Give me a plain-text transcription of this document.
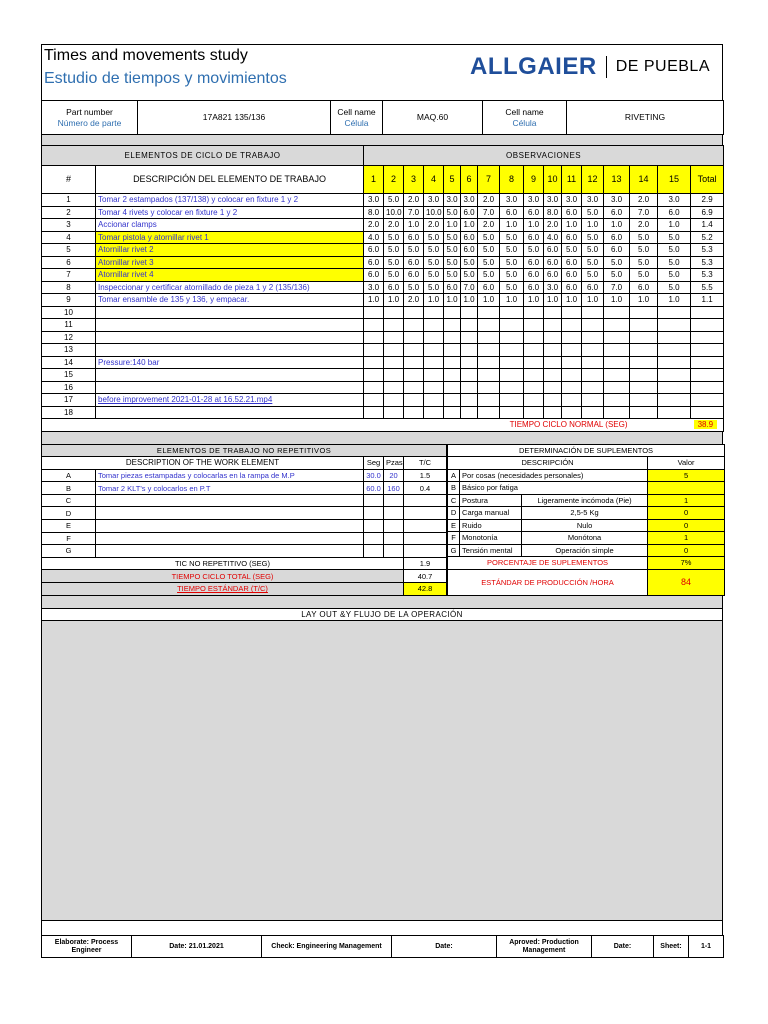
Times and movements study
Estudio de tiempos y movimientos	ALLGAIER DE PUEBLA
Part number
Número de parte
	17A821 135/136	
Cell name
Célula
	MAQ.60	
Cell name
Célula
	RIVETING
ELEMENTOS DE CICLO DE TRABAJO		OBSERVACIONES															
#	DESCRIPCIÓN DEL ELEMENTO DE TRABAJO	1	2	3	4	5	6	7	8	9	10	11	12	13	14	15	Total
1	Tomar 2 estampados (137/138) y colocar en fixture 1 y 2	3.0	5.0	2.0	3.0	3.0	3.0	2.0	3.0	3.0	3.0	3.0	3.0	3.0	2.0	3.0	2.9
2	Tomar 4 rivets y colocar en fixture 1 y 2	8.0	10.0	7.0	10.0	5.0	6.0	7.0	6.0	6.0	8.0	6.0	5.0	6.0	7.0	6.0	6.9
3	Accionar clamps	2.0	2.0	1.0	2.0	1.0	1.0	2.0	1.0	1.0	2.0	1.0	1.0	1.0	2.0	1.0	1.4
4	Tomar pistola y atornillar rivet 1	4.0	5.0	6.0	5.0	5.0	6.0	5.0	5.0	6.0	4.0	6.0	5.0	6.0	5.0	5.0	5.2
5	Atornillar rivet 2	6.0	5.0	5.0	5.0	5.0	6.0	5.0	5.0	5.0	6.0	5.0	5.0	6.0	5.0	5.0	5.3
6	Atornillar rivet 3	6.0	5.0	6.0	5.0	5.0	5.0	5.0	5.0	6.0	6.0	6.0	5.0	5.0	5.0	5.0	5.3
7	Atornillar rivet 4	6.0	5.0	6.0	5.0	5.0	5.0	5.0	5.0	6.0	6.0	6.0	5.0	5.0	5.0	5.0	5.3
8	Inspeccionar y certificar atornillado de pieza 1 y 2 (135/136)	3.0	6.0	5.0	5.0	6.0	7.0	6.0	5.0	6.0	3.0	6.0	6.0	7.0	6.0	5.0	5.5
9	Tomar ensamble de 135 y 136, y empacar.	1.0	1.0	2.0	1.0	1.0	1.0	1.0	1.0	1.0	1.0	1.0	1.0	1.0	1.0	1.0	1.1
10																	
11																	
12																	
13																	
14	Pressure:140 bar																
15																	
16																	
17	before improvement 2021-01-28 at 16.52.21.mp4																
18																	
TIEMPO CICLO NORMAL (SEG)															38.9		
ELEMENTOS DE TRABAJO NO REPETITIVOS				
DESCRIPTION OF THE WORK ELEMENT		Seg	Pzas	T/C
A	Tomar piezas estampadas y colocarlas en la rampa de M.P	30.0	20	1.5
B	Tomar 2 KLT's y colocarlos en P.T	60.0	160	0.4
C				
D				
E				
F				
G				
TIC NO REPETITIVO (SEG)				1.9
TIEMPO CICLO TOTAL (SEG)				40.7
TIEMPO ESTÁNDAR (T/C)				42.8
DETERMINACIÓN DE SUPLEMENTOS			
DESCRIPCIÓN			Valor
A	Por cosas (necesidades personales)		5
B	Básico por fatiga		
C	Postura	Ligeramente incómoda (Pie)	1
D	Carga manual	2,5-5 Kg	0
E	Ruido	Nulo	0
F	Monotonía	Monótona	1
G	Tensión mental	Operación simple	0
PORCENTAJE DE SUPLEMENTOS			7%
ESTÁNDAR DE PRODUCCIÓN /HORA			84
LAY OUT &Y FLUJO DE LA OPERACIÓN
Elaborate: Process Engineer	Date: 21.01.2021	Check: Engineering Management	Date:	Aproved: Production Management	Date:	Sheet:	1-1
